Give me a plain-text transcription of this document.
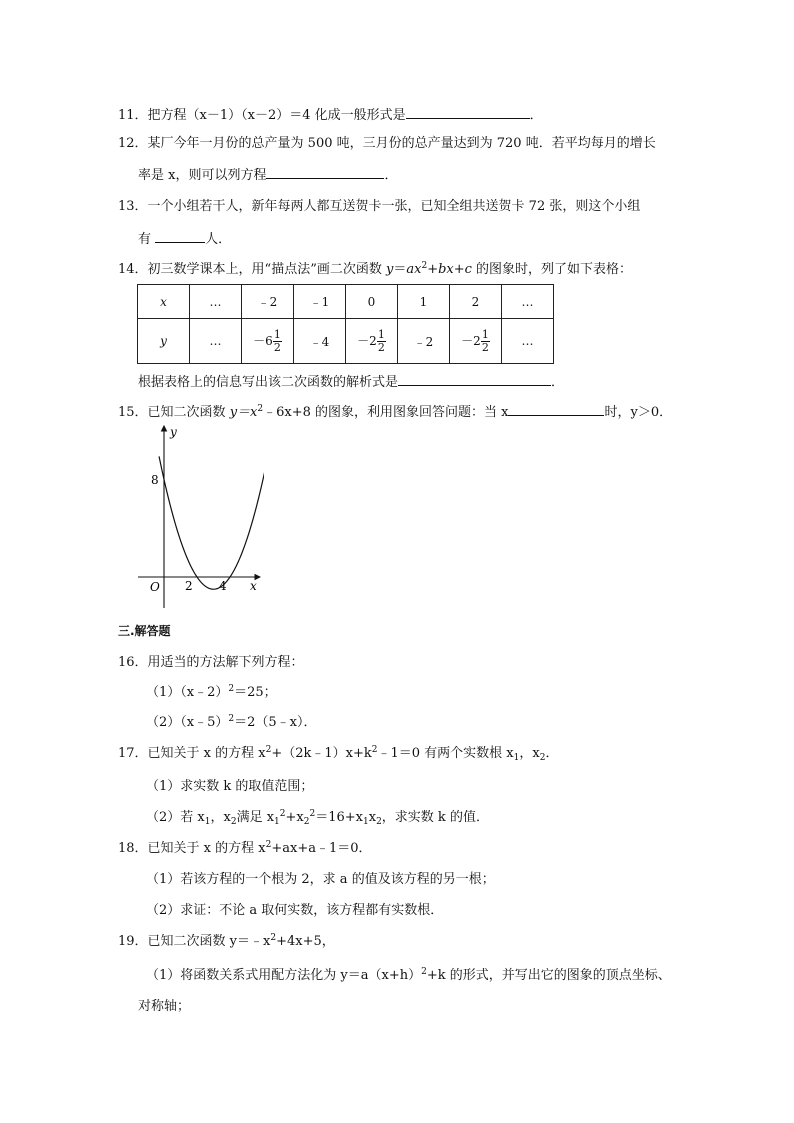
11．把方程（x－1）（x－2）＝4 化成一般形式是	．
12．某厂今年一月份的总产量为 500 吨，三月份的总产量达到为 720 吨．若平均每月的增长
率是 x，则可以列方程	．
13．一个小组若干人，新年每两人都互送贺卡一张，已知全组共送贺卡 72 张，则这个小组
有	人．
14．初三数学课本上，用“描点法”画二次函数 $y=ax^2+bx+c$ 的图象时，列了如下表格：
x	…	﹣2	﹣1	0	1	2	…
y	…	$-6 \frac{1}{2}$	﹣4	$-2 \frac{1}{2}$	﹣2	$-2 \frac{1}{2}$	…
根据表格上的信息写出该二次函数的解析式是	．
15．已知二次函数 $y=x^2﹣6x+8$ 的图象，利用图象回答问题：当 x	时，y＞0．
y
x
O
8
2 4
三.解答题
16．用适当的方法解下列方程：
（1）（x﹣2）$^2$＝25；
（2）（x﹣5）$^2$＝2（5﹣x）．
17．已知关于 x 的方程 $x^2+(2k﹣1)x+k^2﹣1=0$ 有两个实数根 $x_1$，$x_2$．
（1）求实数 k 的取值范围；
（2）若 $x_1$，$x_2$满足 $x_1^2+x_2^2=16+x_1x_2$，求实数 k 的值．
18．已知关于 x 的方程 $x^2+ax+a﹣1=0$．
（1）若该方程的一个根为 2，求 a 的值及该方程的另一根；
（2）求证：不论 a 取何实数，该方程都有实数根．
19．已知二次函数 $y=﹣x^2+4x+5$，
（1）将函数关系式用配方法化为 $y=a(x+h)^2+k$ 的形式，并写出它的图象的顶点坐标、
对称轴；
